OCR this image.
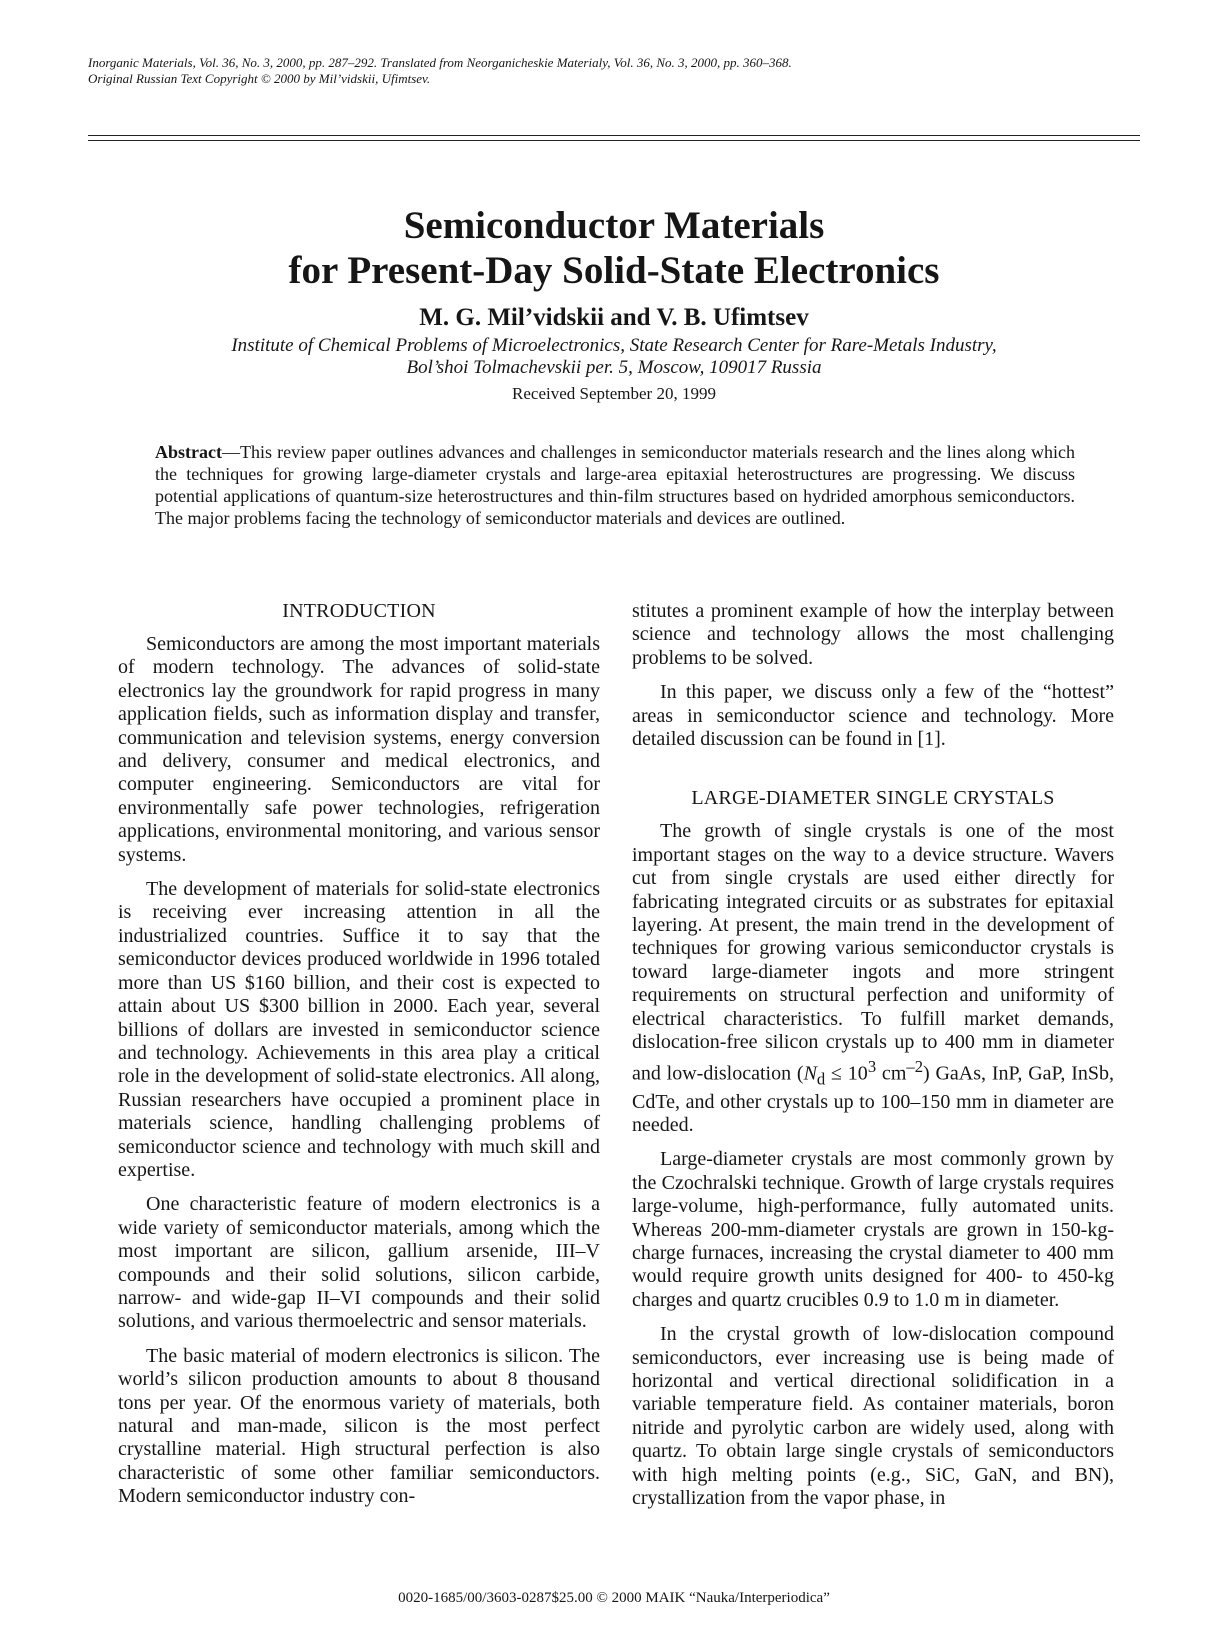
Inorganic Materials, Vol. 36, No. 3, 2000, pp. 287–292. Translated from Neorganicheskie Materialy, Vol. 36, No. 3, 2000, pp. 360–368.
Original Russian Text Copyright © 2000 by Mil’vidskii, Ufimtsev.
Semiconductor Materials
for Present-Day Solid-State Electronics
M. G. Mil’vidskii and V. B. Ufimtsev
Institute of Chemical Problems of Microelectronics, State Research Center for Rare-Metals Industry,
Bol’shoi Tolmachevskii per. 5, Moscow, 109017 Russia
Received September 20, 1999
Abstract—This review paper outlines advances and challenges in semiconductor materials research and the lines along which the techniques for growing large-diameter crystals and large-area epitaxial heterostructures are progressing. We discuss potential applications of quantum-size heterostructures and thin-film structures based on hydrided amorphous semiconductors. The major problems facing the technology of semiconductor materials and devices are outlined.
INTRODUCTION

Semiconductors are among the most important materials of modern technology. The advances of solid-state electronics lay the groundwork for rapid progress in many application fields, such as information display and transfer, communication and television systems, energy conversion and delivery, consumer and medical electronics, and computer engineering. Semiconductors are vital for environmentally safe power technologies, refrigeration applications, environmental monitoring, and various sensor systems.

The development of materials for solid-state electronics is receiving ever increasing attention in all the industrialized countries. Suffice it to say that the semiconductor devices produced worldwide in 1996 totaled more than US $160 billion, and their cost is expected to attain about US $300 billion in 2000. Each year, several billions of dollars are invested in semiconductor science and technology. Achievements in this area play a critical role in the development of solid-state electronics. All along, Russian researchers have occupied a prominent place in materials science, handling challenging problems of semiconductor science and technology with much skill and expertise.

One characteristic feature of modern electronics is a wide variety of semiconductor materials, among which the most important are silicon, gallium arsenide, III–V compounds and their solid solutions, silicon carbide, narrow- and wide-gap II–VI compounds and their solid solutions, and various thermoelectric and sensor materials.

The basic material of modern electronics is silicon. The world’s silicon production amounts to about 8 thousand tons per year. Of the enormous variety of materials, both natural and man-made, silicon is the most perfect crystalline material. High structural perfection is also characteristic of some other familiar semiconductors. Modern semiconductor industry con-

stitutes a prominent example of how the interplay between science and technology allows the most challenging problems to be solved.

In this paper, we discuss only a few of the “hottest” areas in semiconductor science and technology. More detailed discussion can be found in [1].

LARGE-DIAMETER SINGLE CRYSTALS

The growth of single crystals is one of the most important stages on the way to a device structure. Wavers cut from single crystals are used either directly for fabricating integrated circuits or as substrates for epitaxial layering. At present, the main trend in the development of techniques for growing various semiconductor crystals is toward large-diameter ingots and more stringent requirements on structural perfection and uniformity of electrical characteristics. To fulfill market demands, dislocation-free silicon crystals up to 400 mm in diameter and low-dislocation ($N_d \le 10^3$ $cm^{-2}$) GaAs, InP, GaP, InSb, CdTe, and other crystals up to 100–150 mm in diameter are needed.

Large-diameter crystals are most commonly grown by the Czochralski technique. Growth of large crystals requires large-volume, high-performance, fully automated units. Whereas 200-mm-diameter crystals are grown in 150-kg-charge furnaces, increasing the crystal diameter to 400 mm would require growth units designed for 400- to 450-kg charges and quartz crucibles 0.9 to 1.0 m in diameter.

In the crystal growth of low-dislocation compound semiconductors, ever increasing use is being made of horizontal and vertical directional solidification in a variable temperature field. As container materials, boron nitride and pyrolytic carbon are widely used, along with quartz. To obtain large single crystals of semiconductors with high melting points (e.g., SiC, GaN, and BN), crystallization from the vapor phase, in

0020-1685/00/3603-0287$25.00 © 2000 MAIK “Nauka/Interperiodica”
